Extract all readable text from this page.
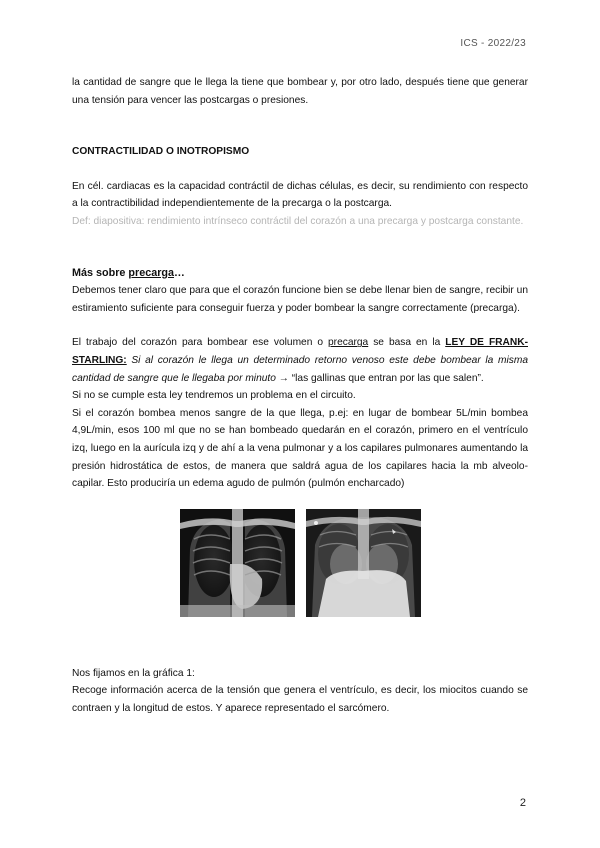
ICS - 2022/23

la cantidad de sangre que le llega la tiene que bombear y, por otro lado, después tiene que generar una tensión para vencer las postcargas o presiones.

CONTRACTILIDAD O INOTROPISMO

En cél. cardiacas es la capacidad contráctil de dichas células, es decir, su rendimiento con respecto a la contractibilidad independientemente de la precarga o la postcarga.

Def: diapositiva: rendimiento intrínseco contráctil del corazón a una precarga y postcarga constante.

Más sobre precarga…

Debemos tener claro que para que el corazón funcione bien se debe llenar bien de sangre, recibir un estiramiento suficiente para conseguir fuerza y poder bombear la sangre correctamente (precarga).

El trabajo del corazón para bombear ese volumen o precarga se basa en la LEY DE FRANK-STARLING: Si al corazón le llega un determinado retorno venoso este debe bombear la misma cantidad de sangre que le llegaba por minuto → “las gallinas que entran por las que salen”.

Si no se cumple esta ley tendremos un problema en el circuito.

Si el corazón bombea menos sangre de la que llega, p.ej: en lugar de bombear 5L/min bombea 4,9L/min, esos 100 ml que no se han bombeado quedarán en el corazón, primero en el ventrículo izq, luego en la aurícula izq y de ahí a la vena pulmonar y a los capilares pulmonares aumentando la presión hidrostática de estos, de manera que saldrá agua de los capilares hacia la mb alveolo-capilar. Esto produciría un edema agudo de pulmón (pulmón encharcado)

Nos fijamos en la gráfica 1:

Recoge información acerca de la tensión que genera el ventrículo, es decir, los miocitos cuando se contraen y la longitud de estos. Y aparece representado el sarcómero.

2
